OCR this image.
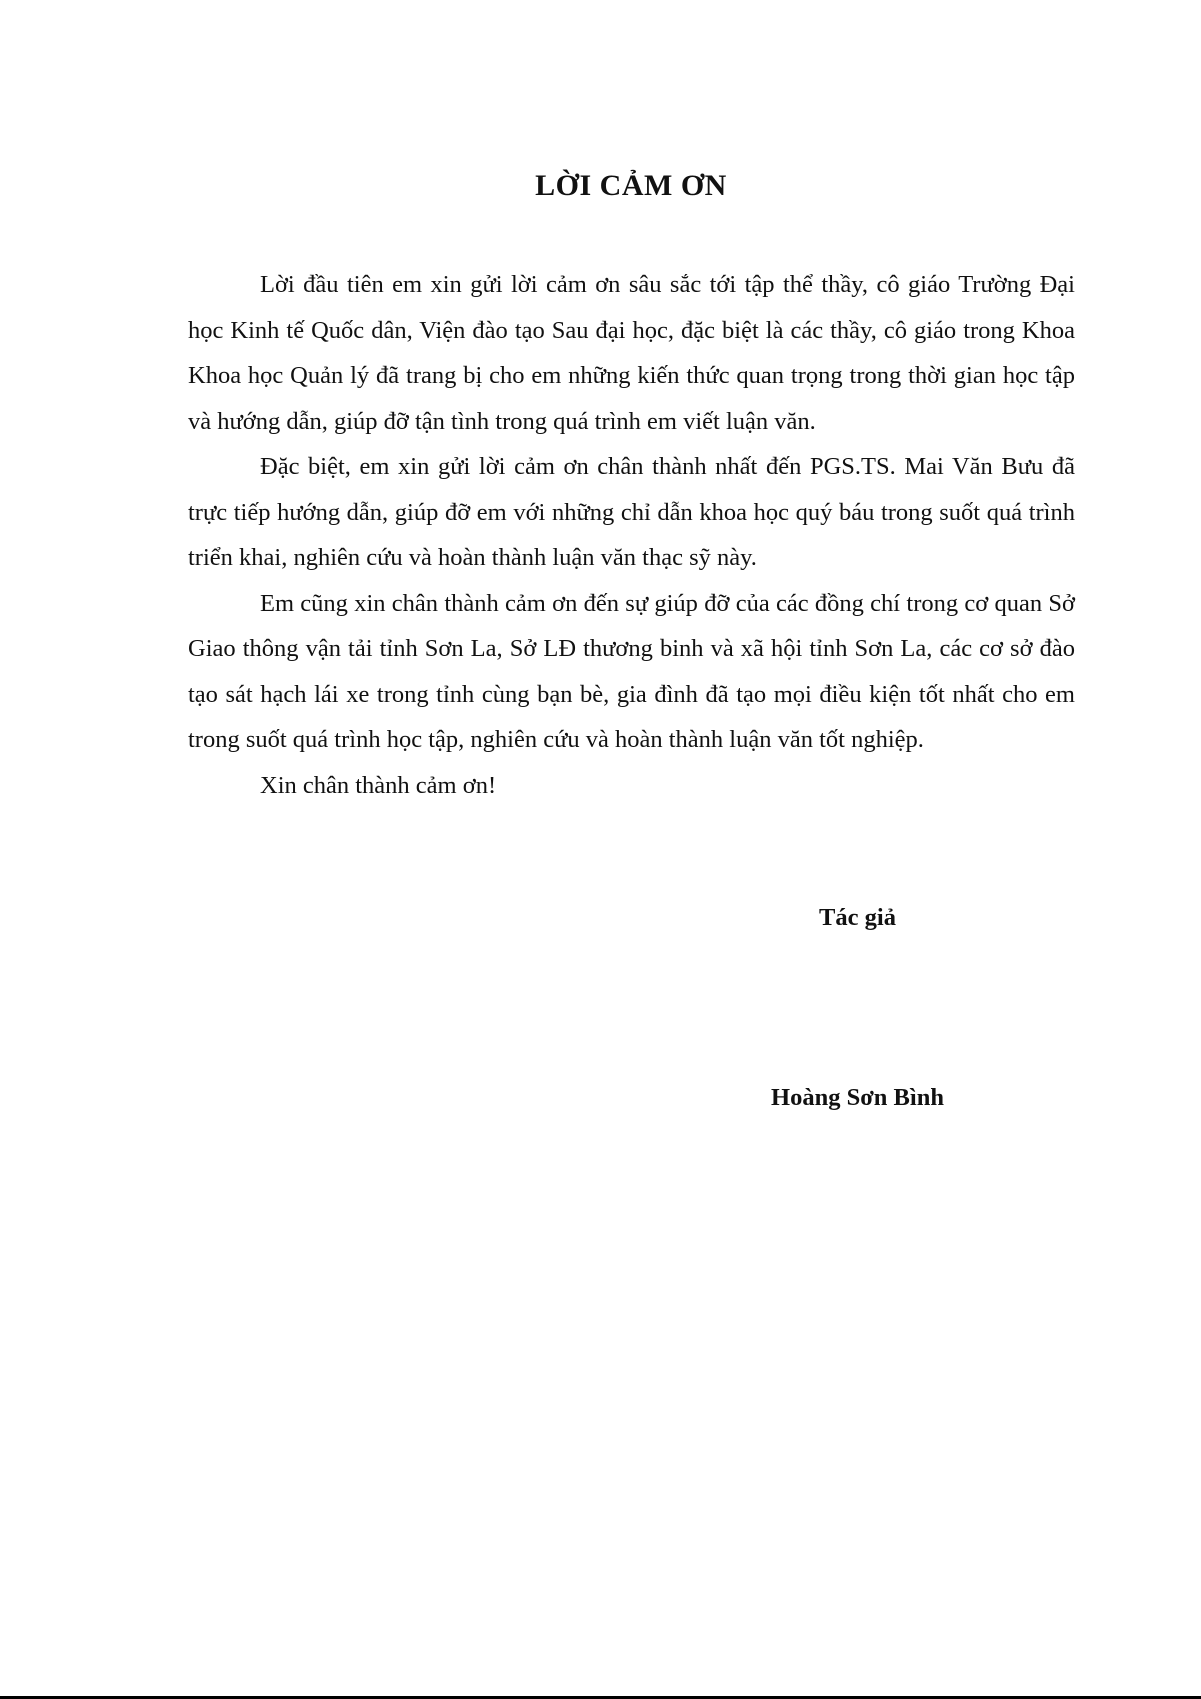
LỜI CẢM ƠN

Lời đầu tiên em xin gửi lời cảm ơn sâu sắc tới tập thể thầy, cô giáo Trường Đại học Kinh tế Quốc dân, Viện đào tạo Sau đại học, đặc biệt là các thầy, cô giáo trong Khoa Khoa học Quản lý đã trang bị cho em những kiến thức quan trọng trong thời gian học tập và hướng dẫn, giúp đỡ tận tình trong quá trình em viết luận văn.

Đặc biệt, em xin gửi lời cảm ơn chân thành nhất đến PGS.TS. Mai Văn Bưu đã trực tiếp hướng dẫn, giúp đỡ em với những chỉ dẫn khoa học quý báu trong suốt quá trình triển khai, nghiên cứu và hoàn thành luận văn thạc sỹ này.

Em cũng xin chân thành cảm ơn đến sự giúp đỡ của các đồng chí trong cơ quan Sở Giao thông vận tải tỉnh Sơn La, Sở LĐ thương binh và xã hội tỉnh Sơn La, các cơ sở đào tạo sát hạch lái xe trong tỉnh cùng bạn bè, gia đình đã tạo mọi điều kiện tốt nhất cho em trong suốt quá trình học tập, nghiên cứu và hoàn thành luận văn tốt nghiệp.

Xin chân thành cảm ơn!

Tác giả
Hoàng Sơn Bình
